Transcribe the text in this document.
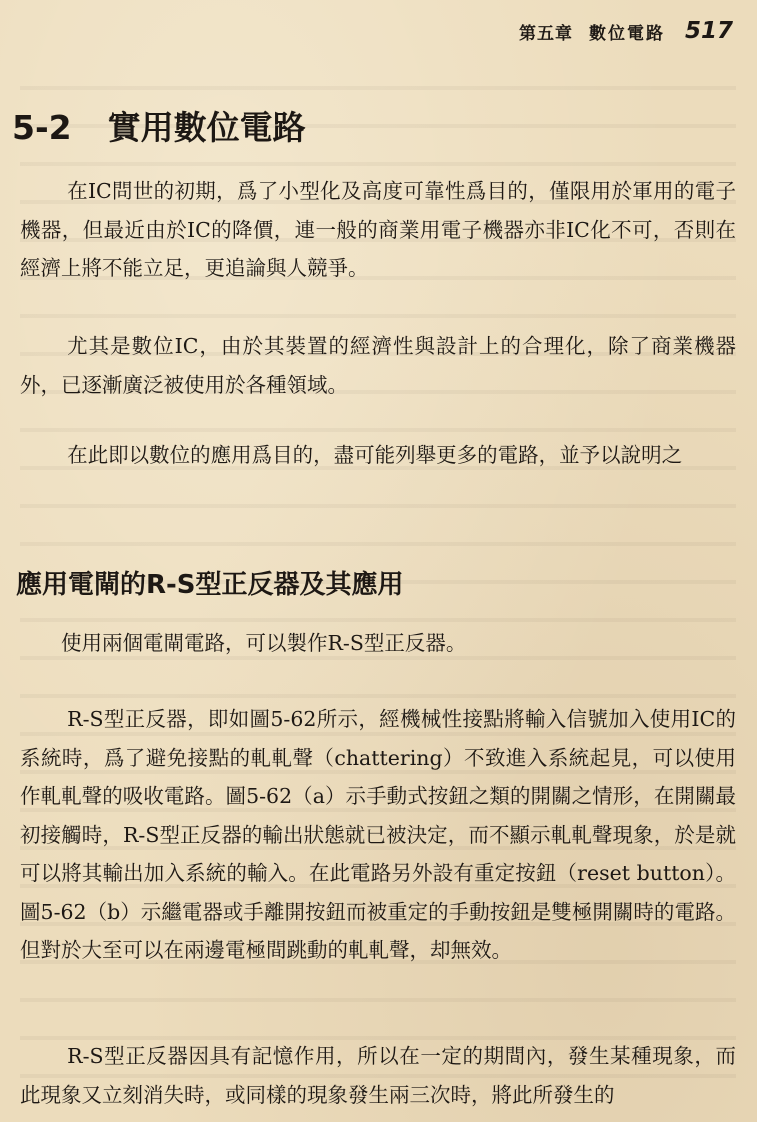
第五章 數位電路 517
5-2 實用數位電路

在IC問世的初期，爲了小型化及高度可靠性爲目的，僅限用於軍用的電子機器，但最近由於IC的降價，連一般的商業用電子機器亦非IC化不可，否則在經濟上將不能立足，更追論與人競爭。

尤其是數位IC，由於其裝置的經濟性與設計上的合理化，除了商業機器外，已逐漸廣泛被使用於各種領域。

在此即以數位的應用爲目的，盡可能列舉更多的電路，並予以說明之

應用電閘的R-S型正反器及其應用

使用兩個電閘電路，可以製作R-S型正反器。

R-S型正反器，即如圖5-62所示，經機械性接點將輸入信號加入使用IC的系統時，爲了避免接點的軋軋聲（chattering）不致進入系統起見，可以使用作軋軋聲的吸收電路。圖5-62（a）示手動式按鈕之類的開關之情形，在開關最初接觸時，R-S型正反器的輸出狀態就已被決定，而不顯示軋軋聲現象，於是就可以將其輸出加入系統的輸入。在此電路另外設有重定按鈕（reset button）。圖5-62（b）示繼電器或手離開按鈕而被重定的手動按鈕是雙極開關時的電路。但對於大至可以在兩邊電極間跳動的軋軋聲，却無效。

R-S型正反器因具有記憶作用，所以在一定的期間內，發生某種現象，而此現象又立刻消失時，或同樣的現象發生兩三次時，將此所發生的
